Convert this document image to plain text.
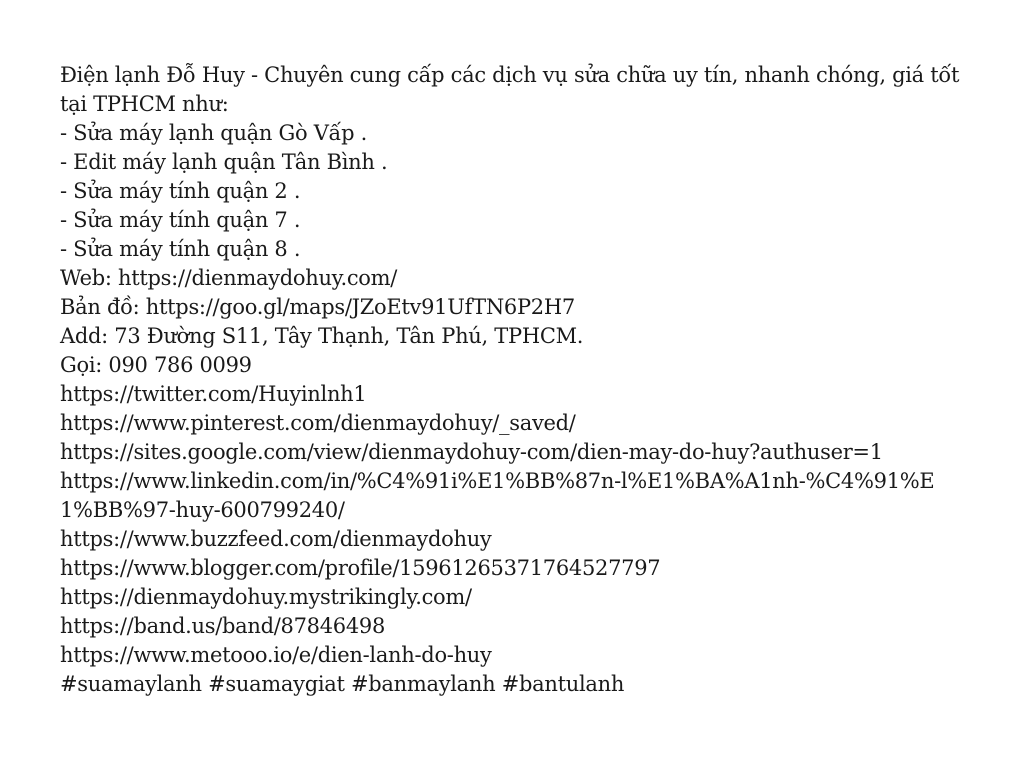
Điện lạnh Đỗ Huy - Chuyên cung cấp các dịch vụ sửa chữa uy tín, nhanh chóng, giá tốt tại TPHCM như:
- Sửa máy lạnh quận Gò Vấp .
- Edit máy lạnh quận Tân Bình .
- Sửa máy tính quận 2 .
- Sửa máy tính quận 7 .
- Sửa máy tính quận 8 .
Web: https://dienmaydohuy.com/
Bản đồ: https://goo.gl/maps/JZoEtv91UfTN6P2H7
Add: 73 Đường S11, Tây Thạnh, Tân Phú, TPHCM.
Gọi: 090 786 0099
https://twitter.com/Huyinlnh1
https://www.pinterest.com/dienmaydohuy/_saved/
https://sites.google.com/view/dienmaydohuy-com/dien-may-do-huy?authuser=1
https://www.linkedin.com/in/%C4%91i%E1%BB%87n-l%E1%BA%A1nh-%C4%91%E1%BB%97-huy-600799240/
https://www.buzzfeed.com/dienmaydohuy
https://www.blogger.com/profile/15961265371764527797
https://dienmaydohuy.mystrikingly.com/
https://band.us/band/87846498
https://www.metooo.io/e/dien-lanh-do-huy
#suamaylanh #suamaygiat #banmaylanh #bantulanh
